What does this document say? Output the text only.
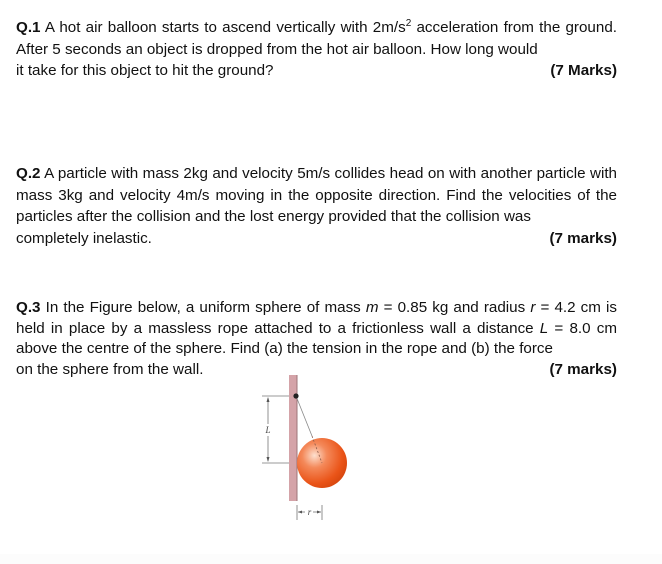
Q.1 A hot air balloon starts to ascend vertically with $2m/s^2$ acceleration from the ground. After 5 seconds an object is dropped from the hot air balloon. How long would

it take for this object to hit the ground?	(7 Marks)

Q.2 A particle with mass 2kg and velocity 5m/s collides head on with another particle with mass 3kg and velocity 4m/s moving in the opposite direction. Find the velocities of the particles after the collision and the lost energy provided that the collision was

completely inelastic.	(7 marks)

Q.3 In the Figure below, a uniform sphere of mass m = 0.85 kg and radius r = 4.2 cm is held in place by a massless rope attached to a frictionless wall a distance L = 8.0 cm above the centre of the sphere. Find (a) the tension in the rope and (b) the force

on the sphere from the wall.	(7 marks)
L
r
